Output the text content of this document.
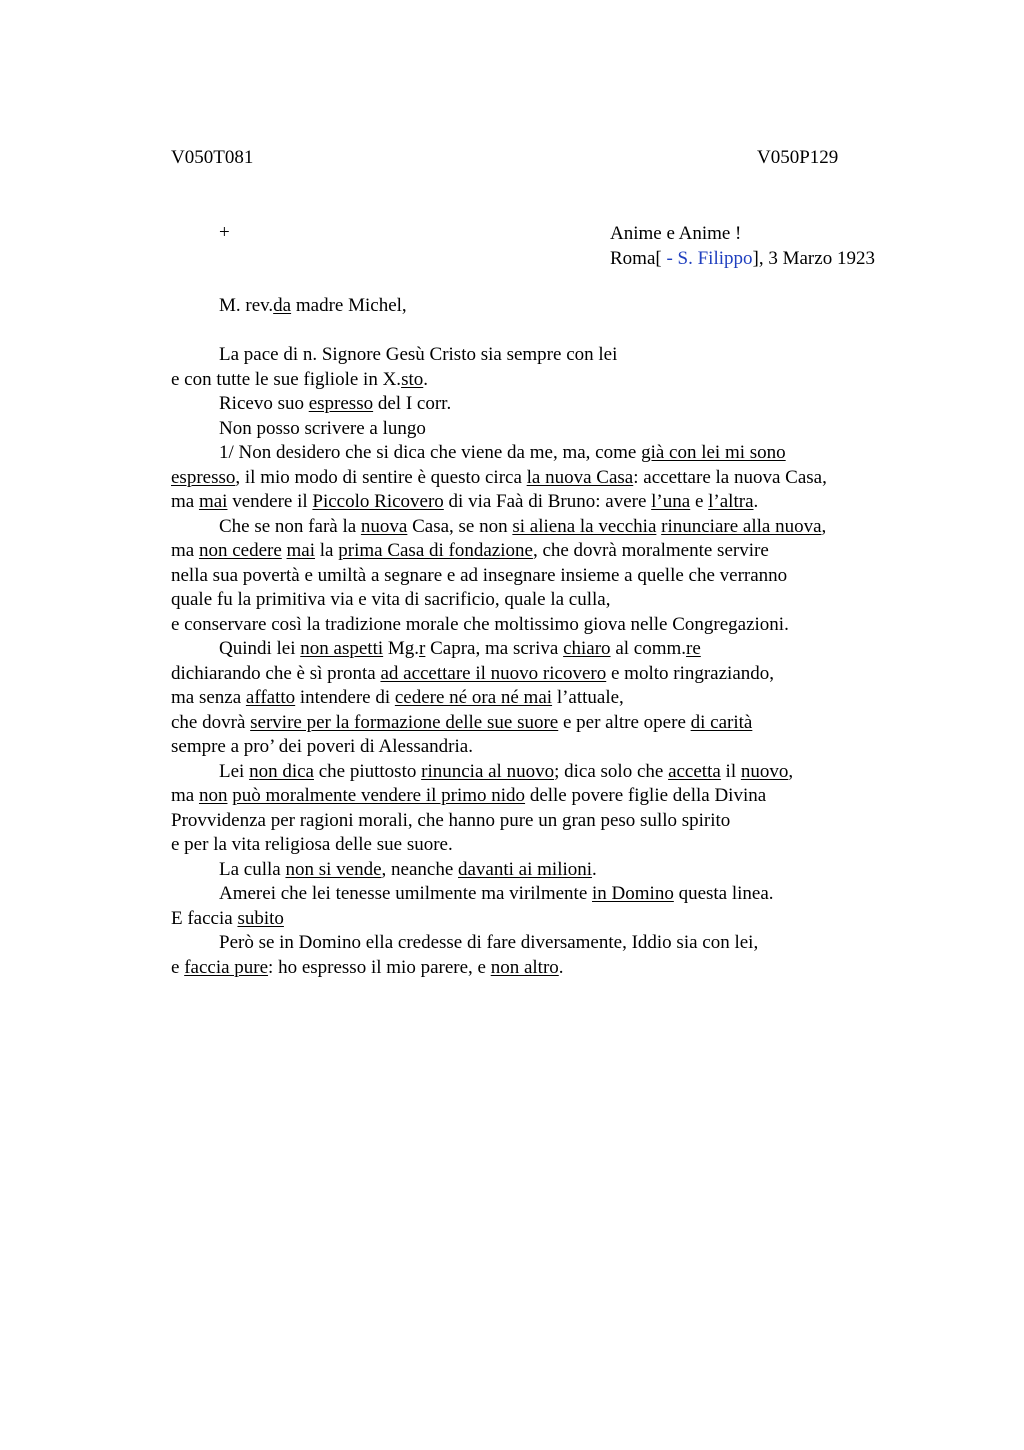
V050T081	V050P129
+	Anime e Anime !
Roma[ - S. Filippo], 3 Marzo 1923
M. rev.da madre Michel,
La pace di n. Signore Gesù Cristo sia sempre con lei
e con tutte le sue figliole in X.sto.
Ricevo suo espresso del I corr.
Non posso scrivere a lungo
1/ Non desidero che si dica che viene da me, ma, come già con lei mi sono
espresso, il mio modo di sentire è questo circa la nuova Casa: accettare la nuova Casa,
ma mai vendere il Piccolo Ricovero di via Faà di Bruno: avere l’una e l’altra.
Che se non farà la nuova Casa, se non si aliena la vecchia rinunciare alla nuova,
ma non cedere mai la prima Casa di fondazione, che dovrà moralmente servire
nella sua povertà e umiltà a segnare e ad insegnare insieme a quelle che verranno
quale fu la primitiva via e vita di sacrificio, quale la culla,
e conservare così la tradizione morale che moltissimo giova nelle Congregazioni.
Quindi lei non aspetti Mg.r Capra, ma scriva chiaro al comm.re
dichiarando che è sì pronta ad accettare il nuovo ricovero e molto ringraziando,
ma senza affatto intendere di cedere né ora né mai l’attuale,
che dovrà servire per la formazione delle sue suore e per altre opere di carità
sempre a pro’ dei poveri di Alessandria.
Lei non dica che piuttosto rinuncia al nuovo; dica solo che accetta il nuovo,
ma non può moralmente vendere il primo nido delle povere figlie della Divina
Provvidenza per ragioni morali, che hanno pure un gran peso sullo spirito
e per la vita religiosa delle sue suore.
La culla non si vende, neanche davanti ai milioni.
Amerei che lei tenesse umilmente ma virilmente in Domino questa linea.
E faccia subito
Però se in Domino ella credesse di fare diversamente, Iddio sia con lei,
e faccia pure: ho espresso il mio parere, e non altro.
